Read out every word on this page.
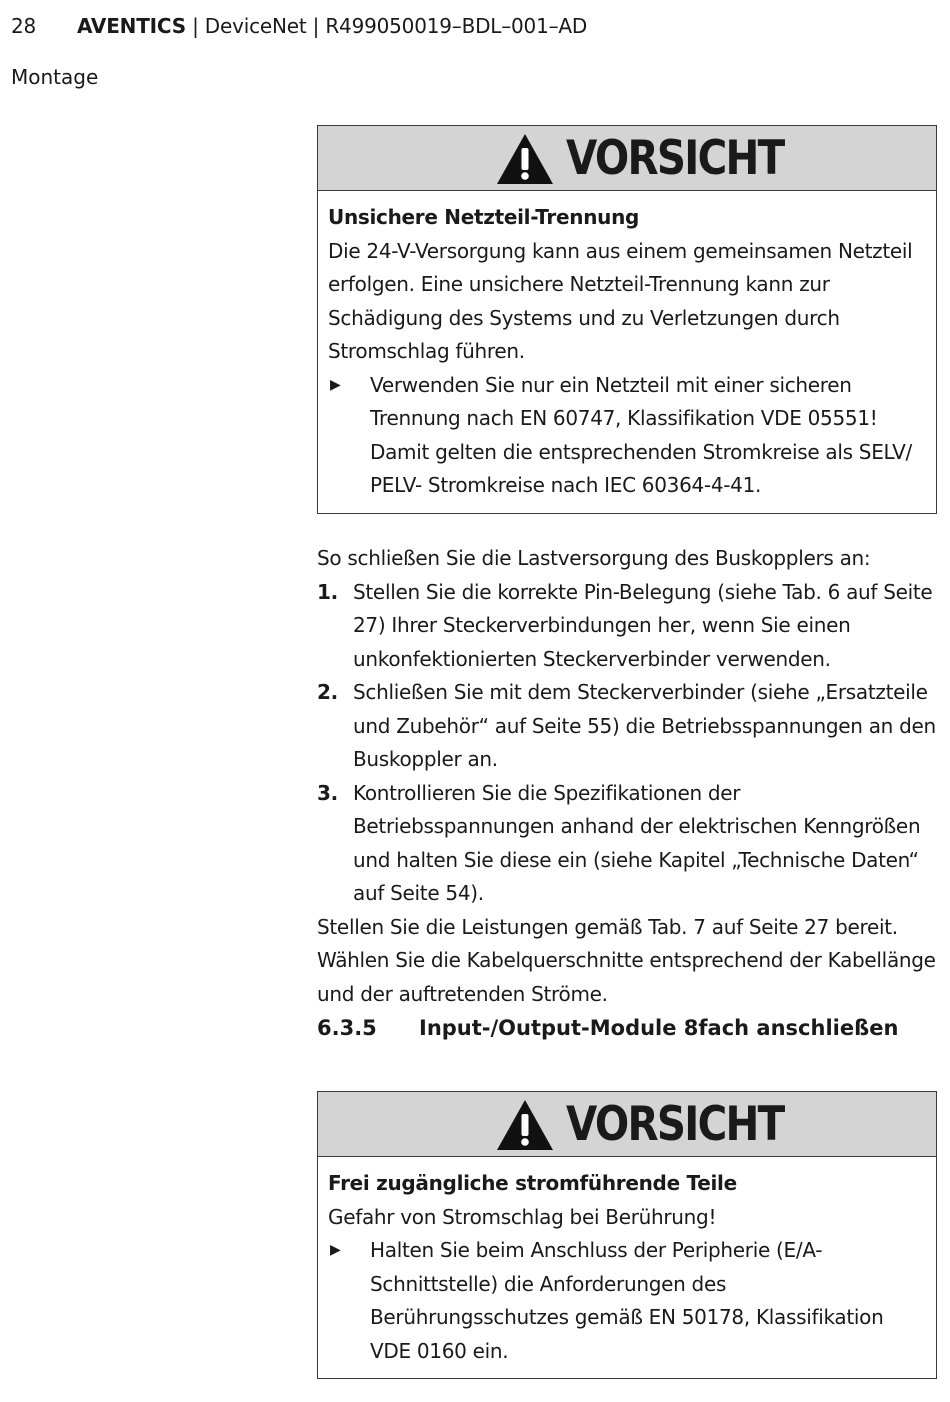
28 AVENTICS | DeviceNet | R499050019–BDL–001–AD
Montage
VORSICHT
Unsichere Netzteil-Trennung
Die 24-V-Versorgung kann aus einem gemeinsamen Netzteil erfolgen. Eine unsichere Netzteil-Trennung kann zur Schädigung des Systems und zu Verletzungen durch Stromschlag führen.
▶	Verwenden Sie nur ein Netzteil mit einer sicheren Trennung nach EN 60747, Klassifikation VDE 05551! Damit gelten die entsprechenden Stromkreise als SELV/ PELV- Stromkreise nach IEC 60364-4-41.
So schließen Sie die Lastversorgung des Buskopplers an:
1. Stellen Sie die korrekte Pin-Belegung (siehe Tab. 6 auf Seite 27) Ihrer Steckerverbindungen her, wenn Sie einen unkonfektionierten Steckerverbinder verwenden.
2. Schließen Sie mit dem Steckerverbinder (siehe „Ersatzteile und Zubehör“ auf Seite 55) die Betriebsspannungen an den Buskoppler an.
3. Kontrollieren Sie die Spezifikationen der Betriebsspannungen anhand der elektrischen Kenngrößen und halten Sie diese ein (siehe Kapitel „Technische Daten“ auf Seite 54).
Stellen Sie die Leistungen gemäß Tab. 7 auf Seite 27 bereit. Wählen Sie die Kabelquerschnitte entsprechend der Kabellänge und der auftretenden Ströme.
6.3.5 Input-/Output-Module 8fach anschließen
VORSICHT
Frei zugängliche stromführende Teile
Gefahr von Stromschlag bei Berührung!
▶	Halten Sie beim Anschluss der Peripherie (E/A-Schnittstelle) die Anforderungen des Berührungsschutzes gemäß EN 50178, Klassifikation VDE 0160 ein.
